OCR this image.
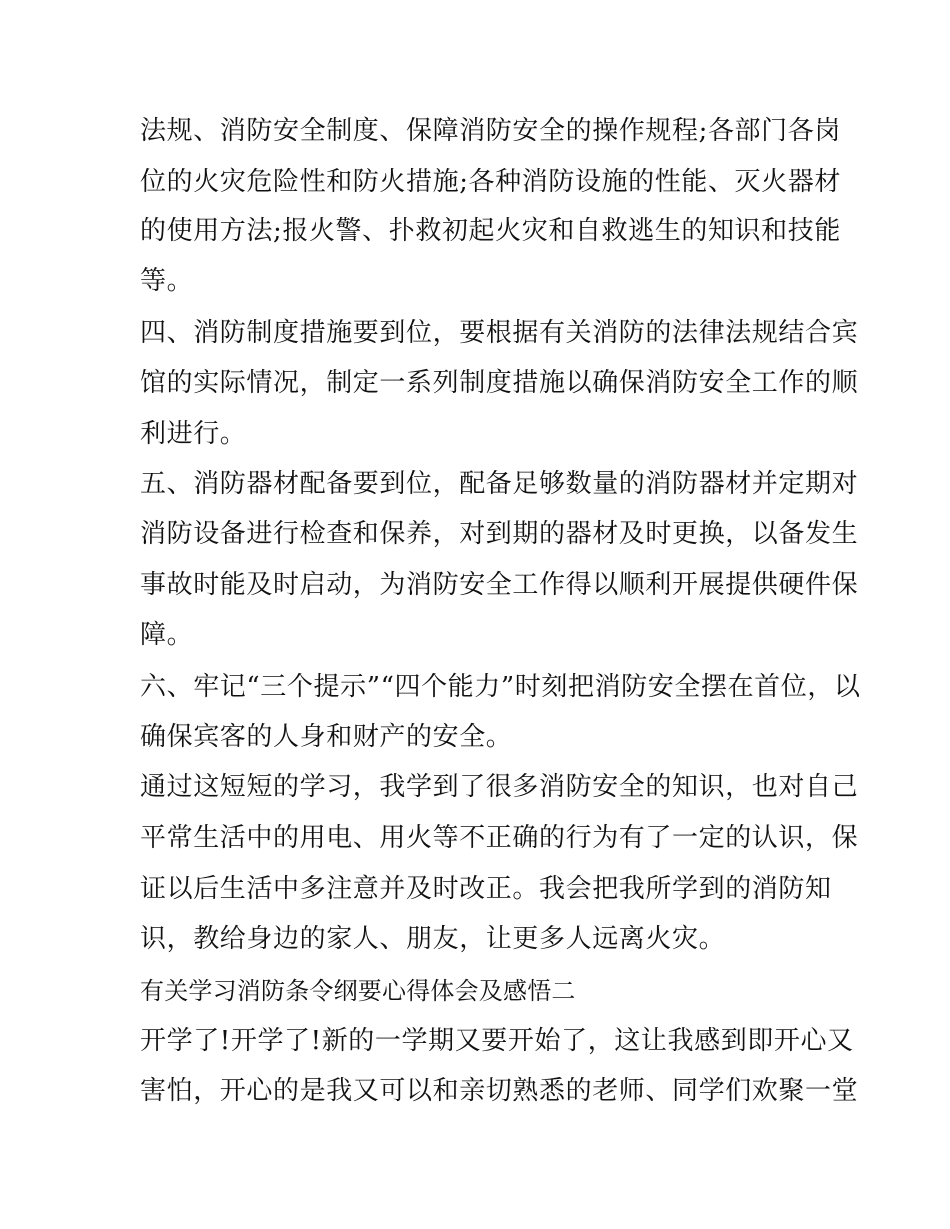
法规、消防安全制度、保障消防安全的操作规程;各部门各岗
位的火灾危险性和防火措施;各种消防设施的性能、灭火器材
的使用方法;报火警、扑救初起火灾和自救逃生的知识和技能
等。
四、消防制度措施要到位，要根据有关消防的法律法规结合宾
馆的实际情况，制定一系列制度措施以确保消防安全工作的顺
利进行。
五、消防器材配备要到位，配备足够数量的消防器材并定期对
消防设备进行检查和保养，对到期的器材及时更换，以备发生
事故时能及时启动，为消防安全工作得以顺利开展提供硬件保
障。
六、牢记“三个提示”“四个能力”时刻把消防安全摆在首位，以
确保宾客的人身和财产的安全。
通过这短短的学习，我学到了很多消防安全的知识，也对自己
平常生活中的用电、用火等不正确的行为有了一定的认识，保
证以后生活中多注意并及时改正。我会把我所学到的消防知
识，教给身边的家人、朋友，让更多人远离火灾。
有关学习消防条令纲要心得体会及感悟二
开学了!开学了!新的一学期又要开始了，这让我感到即开心又
害怕，开心的是我又可以和亲切熟悉的老师、同学们欢聚一堂
